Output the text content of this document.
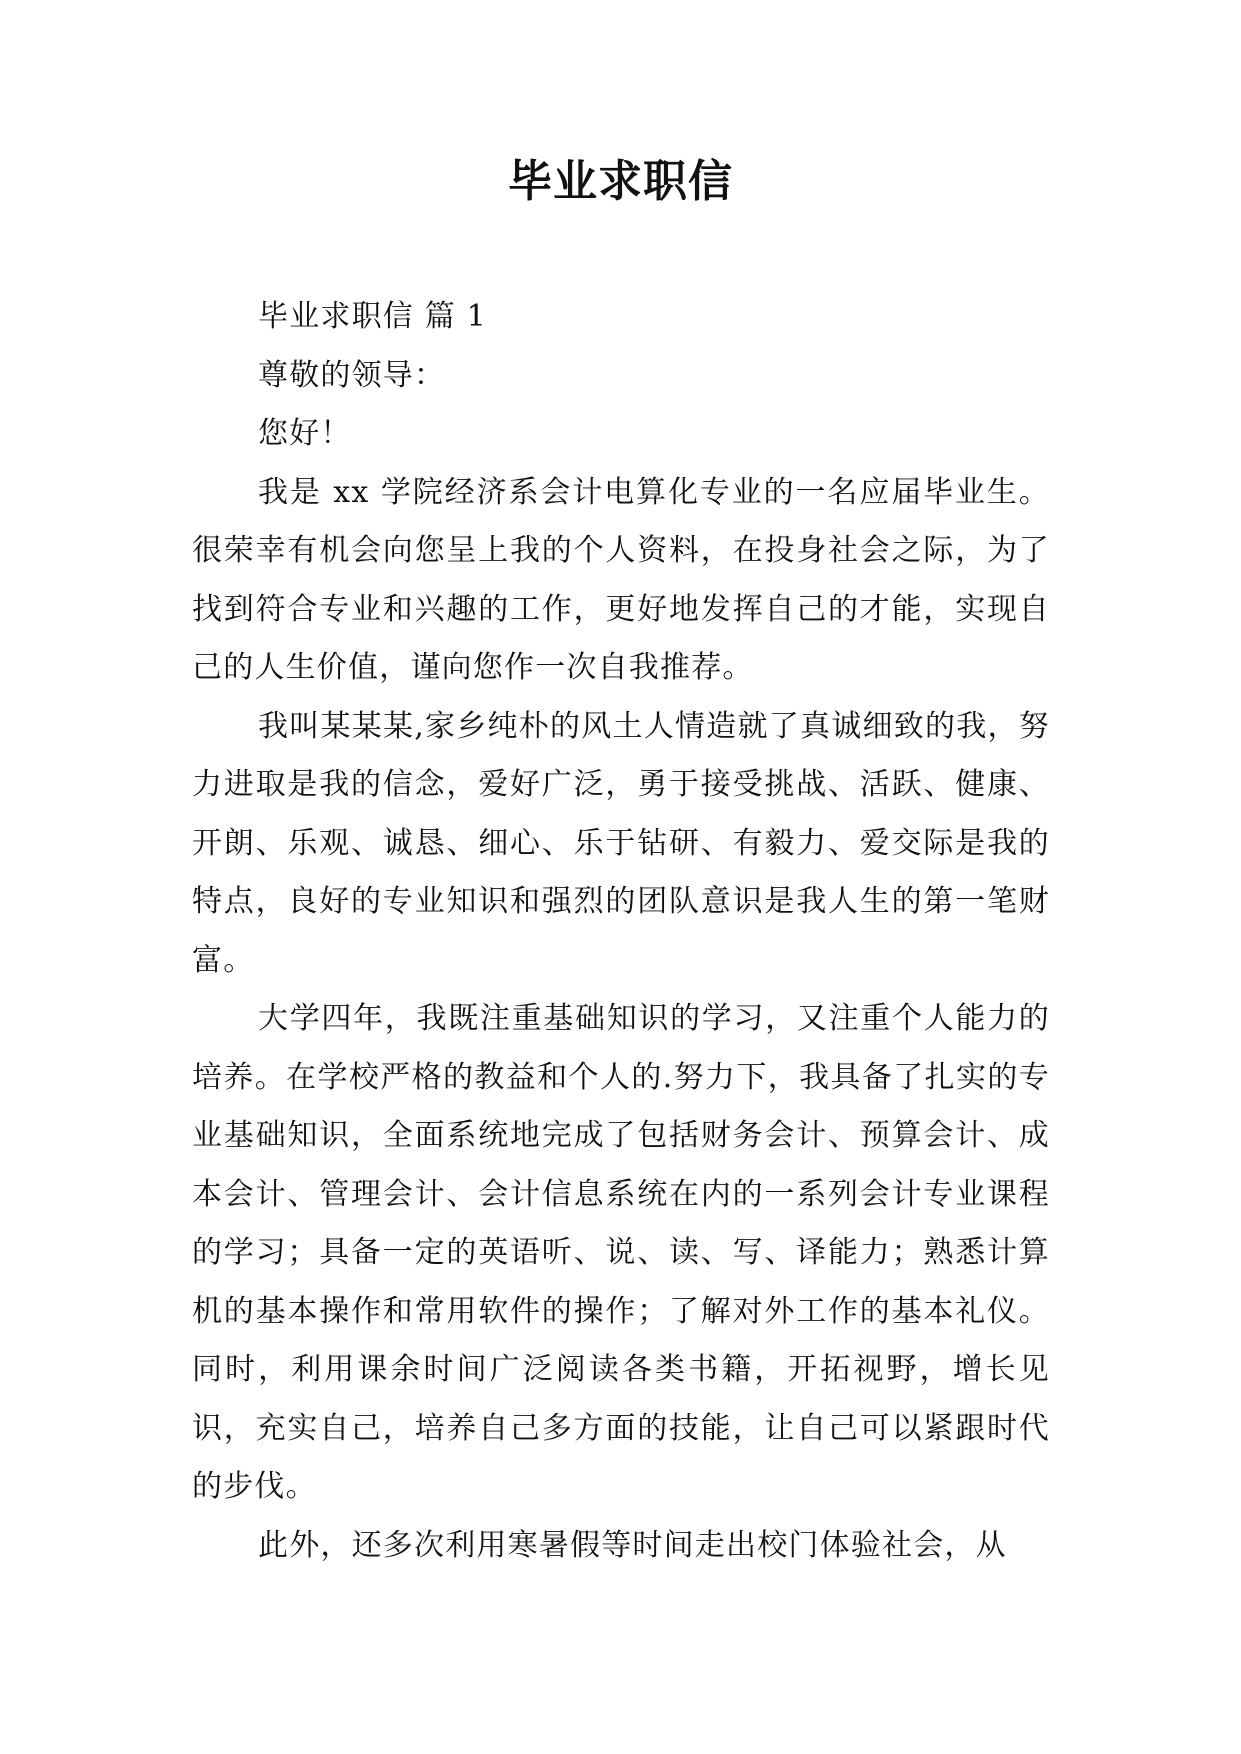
毕业求职信

毕业求职信 篇 1

尊敬的领导：

您好！

我是 xx 学院经济系会计电算化专业的一名应届毕业生。很荣幸有机会向您呈上我的个人资料，在投身社会之际，为了找到符合专业和兴趣的工作，更好地发挥自己的才能，实现自己的人生价值，谨向您作一次自我推荐。

我叫某某某,家乡纯朴的风土人情造就了真诚细致的我，努力进取是我的信念，爱好广泛，勇于接受挑战、活跃、健康、开朗、乐观、诚恳、细心、乐于钻研、有毅力、爱交际是我的特点，良好的专业知识和强烈的团队意识是我人生的第一笔财富。

大学四年，我既注重基础知识的学习，又注重个人能力的培养。在学校严格的教益和个人的.努力下，我具备了扎实的专业基础知识，全面系统地完成了包括财务会计、预算会计、成本会计、管理会计、会计信息系统在内的一系列会计专业课程的学习；具备一定的英语听、说、读、写、译能力；熟悉计算机的基本操作和常用软件的操作；了解对外工作的基本礼仪。同时，利用课余时间广泛阅读各类书籍，开拓视野，增长见识，充实自己，培养自己多方面的技能，让自己可以紧跟时代的步伐。

此外，还多次利用寒暑假等时间走出校门体验社会，从
